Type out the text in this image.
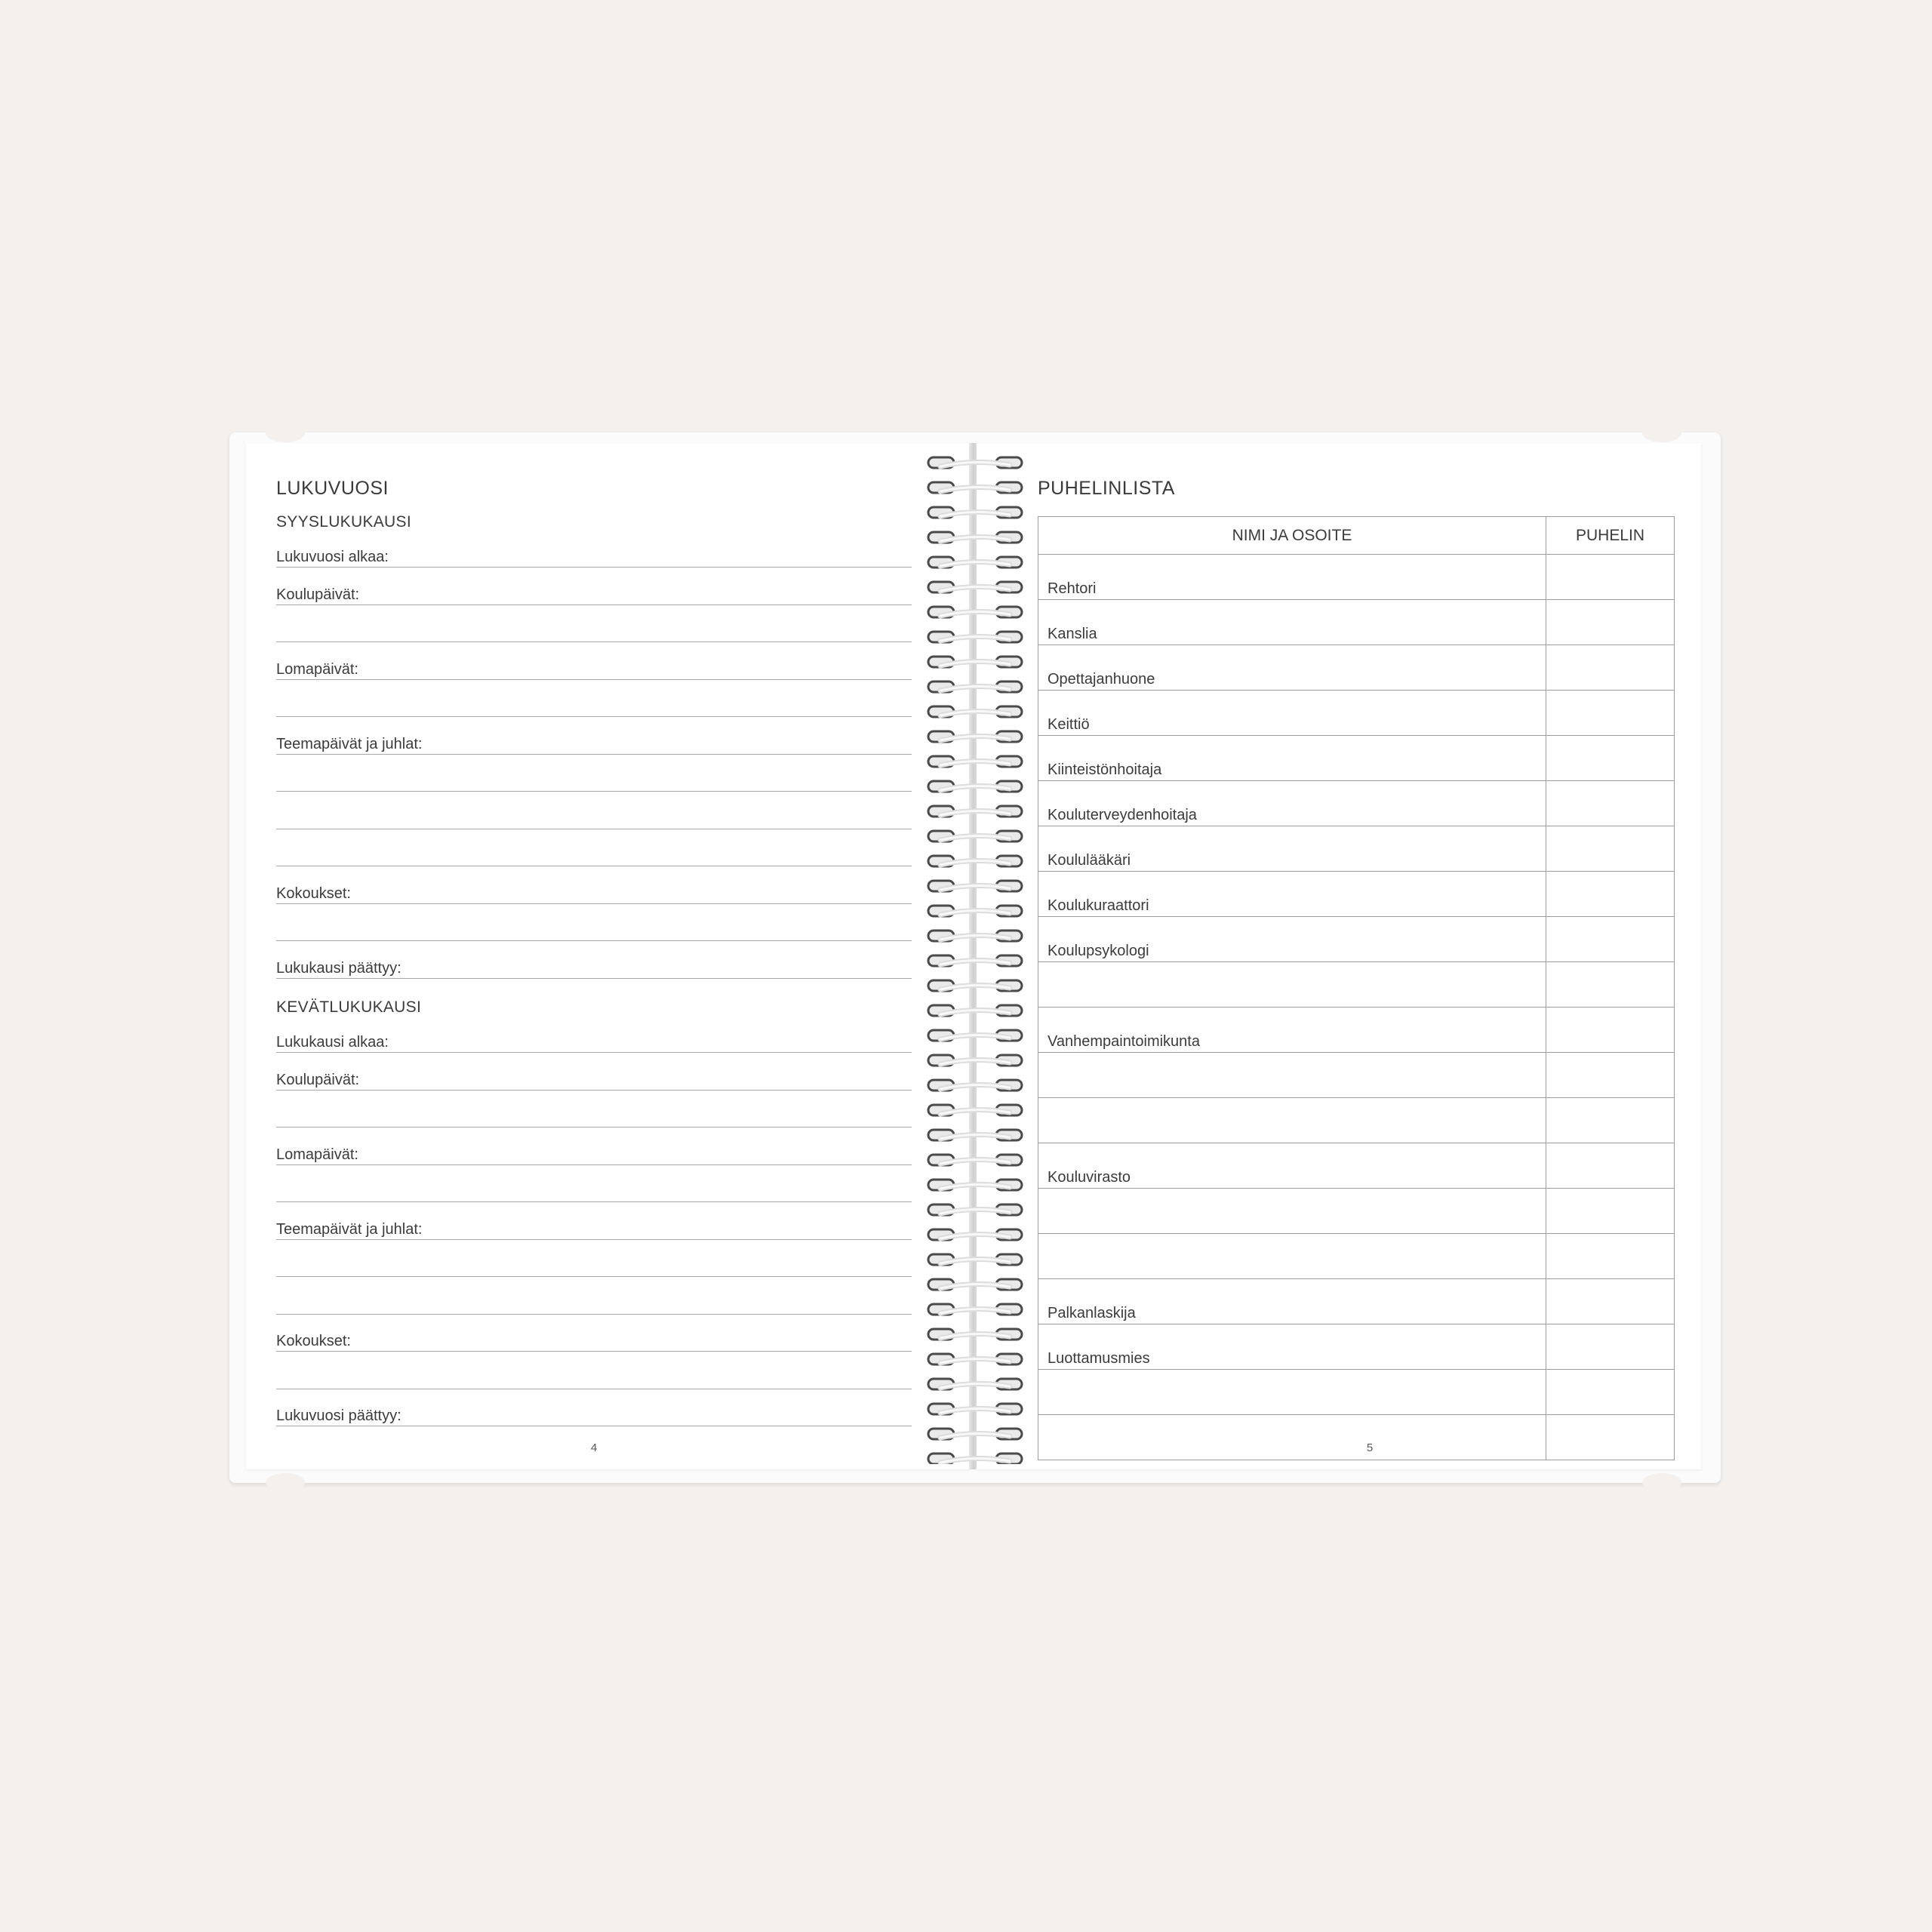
LUKUVUOSI
SYYSLUKUKAUSI
Lukuvuosi alkaa:
Koulupäivät:
Lomapäivät:
Teemapäivät ja juhlat:
Kokoukset:
Lukukausi päättyy:
KEVÄTLUKUKAUSI
Lukukausi alkaa:
Koulupäivät:
Lomapäivät:
Teemapäivät ja juhlat:
Kokoukset:
Lukuvuosi päättyy:
4
PUHELINLISTA
NIMI JA OSOITE	PUHELIN
Rehtori	
Kanslia	
Opettajanhuone	
Keittiö	
Kiinteistönhoitaja	
Kouluterveydenhoitaja	
Koululääkäri	
Koulukuraattori	
Koulupsykologi	

Vanhempaintoimikunta	

Kouluvirasto	

Palkanlaskija	
Luottamusmies	

5
